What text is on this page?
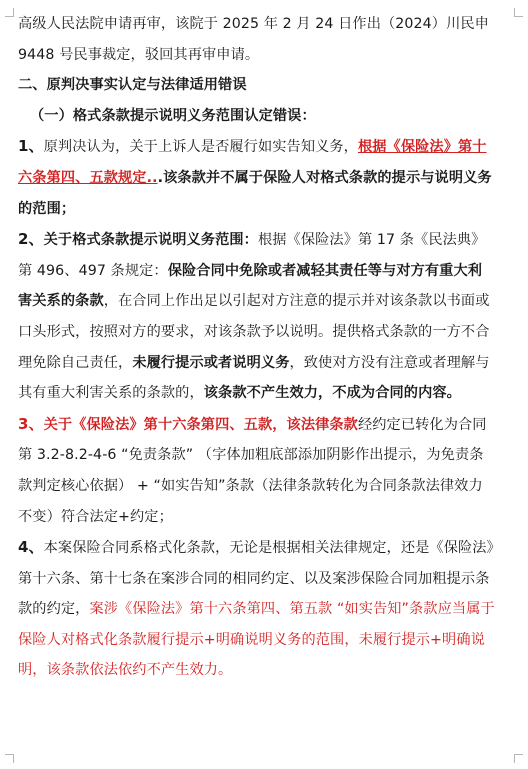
高级人民法院申请再审，该院于 2025 年 2 月 24 日作出（2024）川民申 9448 号民事裁定，驳回其再审申请。

二、原判决事实认定与法律适用错误

（一）格式条款提示说明义务范围认定错误：

1、原判决认为，关于上诉人是否履行如实告知义务，根据《保险法》第十六条第四、五款规定...该条款并不属于保险人对格式条款的提示与说明义务的范围；

2、关于格式条款提示说明义务范围：根据《保险法》第 17 条《民法典》第 496、497 条规定：保险合同中免除或者减轻其责任等与对方有重大利害关系的条款，在合同上作出足以引起对方注意的提示并对该条款以书面或口头形式，按照对方的要求，对该条款予以说明。提供格式条款的一方不合理免除自己责任，未履行提示或者说明义务，致使对方没有注意或者理解与其有重大利害关系的条款的，该条款不产生效力，不成为合同的内容。

3、关于《保险法》第十六条第四、五款，该法律条款经约定已转化为合同第 3.2-8.2-4-6 “免责条款” （字体加粗底部添加阴影作出提示，为免责条款判定核心依据） + “如实告知”条款（法律条款转化为合同条款法律效力不变）符合法定+约定；

4、本案保险合同系格式化条款，无论是根据相关法律规定，还是《保险法》第十六条、第十七条在案涉合同的相同约定、以及案涉保险合同加粗提示条款的约定，案涉《保险法》第十六条第四、第五款 “如实告知”条款应当属于保险人对格式化条款履行提示+明确说明义务的范围，未履行提示+明确说明，该条款依法依约不产生效力。
